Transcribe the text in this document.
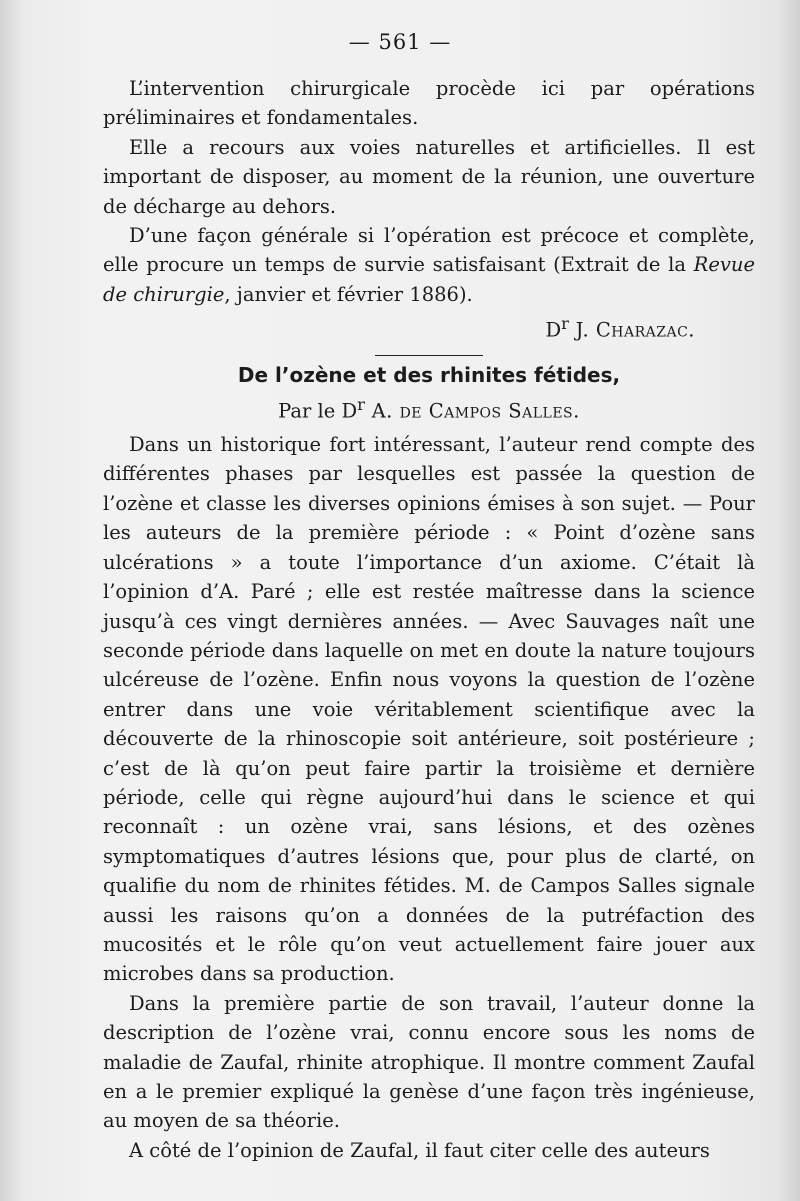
— 561 —

L’intervention chirurgicale procède ici par opérations préliminaires et fondamentales.

Elle a recours aux voies naturelles et artificielles. Il est important de disposer, au moment de la réunion, une ouverture de décharge au dehors.

D’une façon générale si l’opération est précoce et complète, elle procure un temps de survie satisfaisant (Extrait de la Revue de chirurgie, janvier et février 1886).

$D^r$ J. Charazac.

De l’ozène et des rhinites fétides,

Par le $D^r$ A. de Campos Salles.

Dans un historique fort intéressant, l’auteur rend compte des différentes phases par lesquelles est passée la question de l’ozène et classe les diverses opinions émises à son sujet. — Pour les auteurs de la première période : « Point d’ozène sans ulcérations » a toute l’importance d’un axiome. C’était là l’opinion d’A. Paré ; elle est restée maîtresse dans la science jusqu’à ces vingt dernières années. — Avec Sauvages naît une seconde période dans laquelle on met en doute la nature toujours ulcéreuse de l’ozène. Enfin nous voyons la question de l’ozène entrer dans une voie véritablement scientifique avec la découverte de la rhinoscopie soit antérieure, soit postérieure ; c’est de là qu’on peut faire partir la troisième et dernière période, celle qui règne aujourd’hui dans le science et qui reconnaît : un ozène vrai, sans lésions, et des ozènes symptomatiques d’autres lésions que, pour plus de clarté, on qualifie du nom de rhinites fétides. M. de Campos Salles signale aussi les raisons qu’on a données de la putréfaction des mucosités et le rôle qu’on veut actuellement faire jouer aux microbes dans sa production.

Dans la première partie de son travail, l’auteur donne la description de l’ozène vrai, connu encore sous les noms de maladie de Zaufal, rhinite atrophique. Il montre comment Zaufal en a le premier expliqué la genèse d’une façon très ingénieuse, au moyen de sa théorie.

A côté de l’opinion de Zaufal, il faut citer celle des auteurs
